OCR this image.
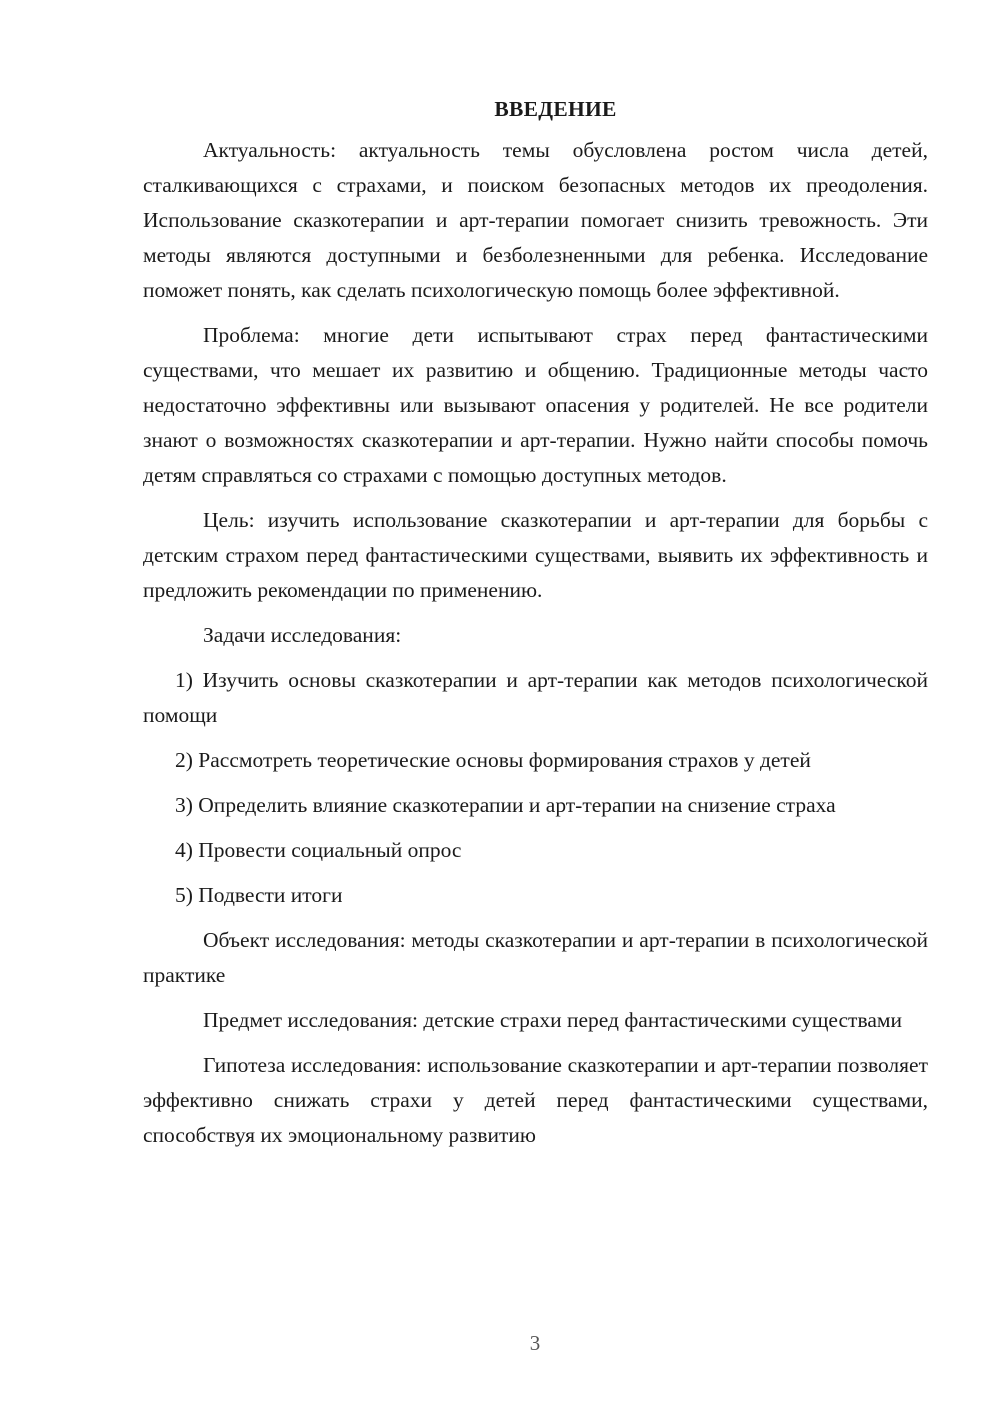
ВВЕДЕНИЕ

Актуальность: актуальность темы обусловлена ростом числа детей, сталкивающихся с страхами, и поиском безопасных методов их преодоления. Использование сказкотерапии и арт-терапии помогает снизить тревожность. Эти методы являются доступными и безболезненными для ребенка. Исследование поможет понять, как сделать психологическую помощь более эффективной.

Проблема: многие дети испытывают страх перед фантастическими существами, что мешает их развитию и общению. Традиционные методы часто недостаточно эффективны или вызывают опасения у родителей. Не все родители знают о возможностях сказкотерапии и арт-терапии. Нужно найти способы помочь детям справляться со страхами с помощью доступных методов.

Цель: изучить использование сказкотерапии и арт-терапии для борьбы с детским страхом перед фантастическими существами, выявить их эффективность и предложить рекомендации по применению.

Задачи исследования:

1) Изучить основы сказкотерапии и арт-терапии как методов психологической помощи

2) Рассмотреть теоретические основы формирования страхов у детей

3) Определить влияние сказкотерапии и арт-терапии на снизение страха

4) Провести социальный опрос

5) Подвести итоги

Объект исследования: методы сказкотерапии и арт-терапии в психологической практике

Предмет исследования: детские страхи перед фантастическими существами

Гипотеза исследования: использование сказкотерапии и арт-терапии позволяет эффективно снижать страхи у детей перед фантастическими существами, способствуя их эмоциональному развитию

3
